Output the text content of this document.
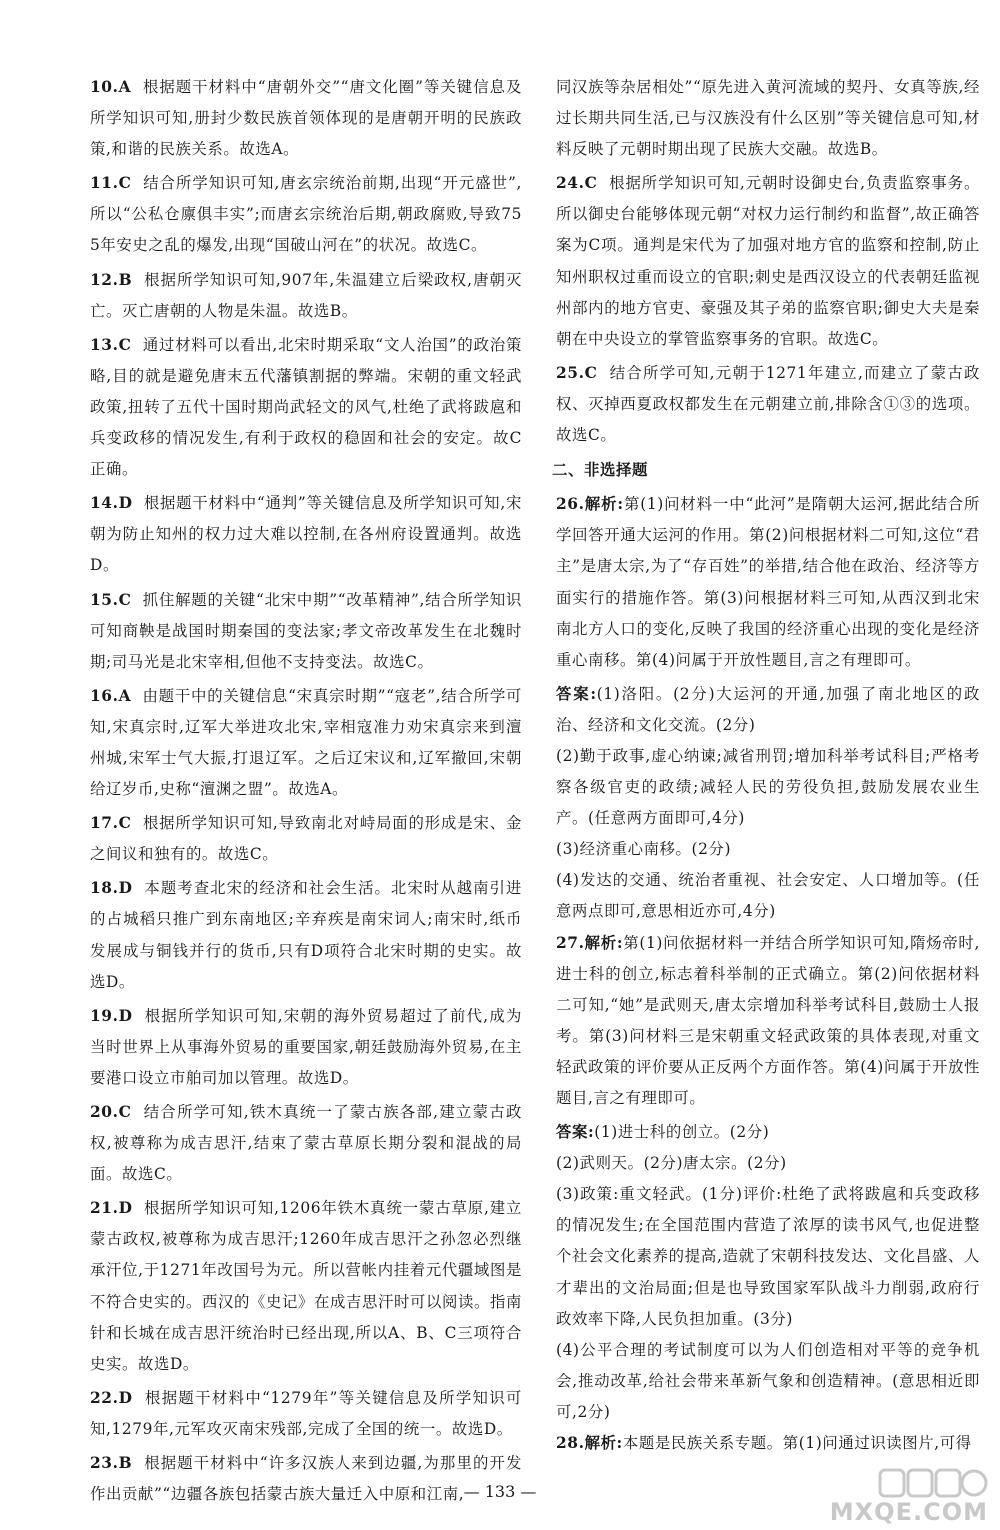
10.A 根据题干材料中“唐朝外交”“唐文化圈”等关键信息及所学知识可知,册封少数民族首领体现的是唐朝开明的民族政策,和谐的民族关系。故选A。

11.C 结合所学知识可知,唐玄宗统治前期,出现“开元盛世”,所以“公私仓廪俱丰实”;而唐玄宗统治后期,朝政腐败,导致755年安史之乱的爆发,出现“国破山河在”的状况。故选C。

12.B 根据所学知识可知,907年,朱温建立后梁政权,唐朝灭亡。灭亡唐朝的人物是朱温。故选B。

13.C 通过材料可以看出,北宋时期采取“文人治国”的政治策略,目的就是避免唐末五代藩镇割据的弊端。宋朝的重文轻武政策,扭转了五代十国时期尚武轻文的风气,杜绝了武将跋扈和兵变政移的情况发生,有利于政权的稳固和社会的安定。故C正确。

14.D 根据题干材料中“通判”等关键信息及所学知识可知,宋朝为防止知州的权力过大难以控制,在各州府设置通判。故选D。

15.C 抓住解题的关键“北宋中期”“改革精神”,结合所学知识可知商鞅是战国时期秦国的变法家;孝文帝改革发生在北魏时期;司马光是北宋宰相,但他不支持变法。故选C。

16.A 由题干中的关键信息“宋真宗时期”“寇老”,结合所学可知,宋真宗时,辽军大举进攻北宋,宰相寇准力劝宋真宗来到澶州城,宋军士气大振,打退辽军。之后辽宋议和,辽军撤回,宋朝给辽岁币,史称“澶渊之盟”。故选A。

17.C 根据所学知识可知,导致南北对峙局面的形成是宋、金之间议和独有的。故选C。

18.D 本题考查北宋的经济和社会生活。北宋时从越南引进的占城稻只推广到东南地区;辛弃疾是南宋词人;南宋时,纸币发展成与铜钱并行的货币,只有D项符合北宋时期的史实。故选D。

19.D 根据所学知识可知,宋朝的海外贸易超过了前代,成为当时世界上从事海外贸易的重要国家,朝廷鼓励海外贸易,在主要港口设立市舶司加以管理。故选D。

20.C 结合所学可知,铁木真统一了蒙古族各部,建立蒙古政权,被尊称为成吉思汗,结束了蒙古草原长期分裂和混战的局面。故选C。

21.D 根据所学知识可知,1206年铁木真统一蒙古草原,建立蒙古政权,被尊称为成吉思汗;1260年成吉思汗之孙忽必烈继承汗位,于1271年改国号为元。所以营帐内挂着元代疆域图是不符合史实的。西汉的《史记》在成吉思汗时可以阅读。指南针和长城在成吉思汗统治时已经出现,所以A、B、C三项符合史实。故选D。

22.D 根据题干材料中“1279年”等关键信息及所学知识可知,1279年,元军攻灭南宋残部,完成了全国的统一。故选D。

23.B 根据题干材料中“许多汉族人来到边疆,为那里的开发作出贡献”“边疆各族包括蒙古族大量迁入中原和江南,

同汉族等杂居相处”“原先进入黄河流域的契丹、女真等族,经过长期共同生活,已与汉族没有什么区别”等关键信息可知,材料反映了元朝时期出现了民族大交融。故选B。

24.C 根据所学知识可知,元朝时设御史台,负责监察事务。所以御史台能够体现元朝“对权力运行制约和监督”,故正确答案为C项。通判是宋代为了加强对地方官的监察和控制,防止知州职权过重而设立的官职;刺史是西汉设立的代表朝廷监视州部内的地方官吏、豪强及其子弟的监察官职;御史大夫是秦朝在中央设立的掌管监察事务的官职。故选C。

25.C 结合所学可知,元朝于1271年建立,而建立了蒙古政权、灭掉西夏政权都发生在元朝建立前,排除含①③的选项。故选C。

二、非选择题

26.解析:第(1)问材料一中“此河”是隋朝大运河,据此结合所学回答开通大运河的作用。第(2)问根据材料二可知,这位“君主”是唐太宗,为了“存百姓”的举措,结合他在政治、经济等方面实行的措施作答。第(3)问根据材料三可知,从西汉到北宋南北方人口的变化,反映了我国的经济重心出现的变化是经济重心南移。第(4)问属于开放性题目,言之有理即可。

答案:(1)洛阳。(2分)大运河的开通,加强了南北地区的政治、经济和文化交流。(2分)

(2)勤于政事,虚心纳谏;减省刑罚;增加科举考试科目;严格考察各级官吏的政绩;减轻人民的劳役负担,鼓励发展农业生产。(任意两方面即可,4分)

(3)经济重心南移。(2分)

(4)发达的交通、统治者重视、社会安定、人口增加等。(任意两点即可,意思相近亦可,4分)

27.解析:第(1)问依据材料一并结合所学知识可知,隋炀帝时,进士科的创立,标志着科举制的正式确立。第(2)问依据材料二可知,“她”是武则天,唐太宗增加科举考试科目,鼓励士人报考。第(3)问材料三是宋朝重文轻武政策的具体表现,对重文轻武政策的评价要从正反两个方面作答。第(4)问属于开放性题目,言之有理即可。

答案:(1)进士科的创立。(2分)

(2)武则天。(2分)唐太宗。(2分)

(3)政策:重文轻武。(1分)评价:杜绝了武将跋扈和兵变政移的情况发生;在全国范围内营造了浓厚的读书风气,也促进整个社会文化素养的提高,造就了宋朝科技发达、文化昌盛、人才辈出的文治局面;但是也导致国家军队战斗力削弱,政府行政效率下降,人民负担加重。(3分)

(4)公平合理的考试制度可以为人们创造相对平等的竞争机会,推动改革,给社会带来革新气象和创造精神。(意思相近即可,2分)

28.解析:本题是民族关系专题。第(1)问通过识读图片,可得

— 133 —
MXQE.COM
